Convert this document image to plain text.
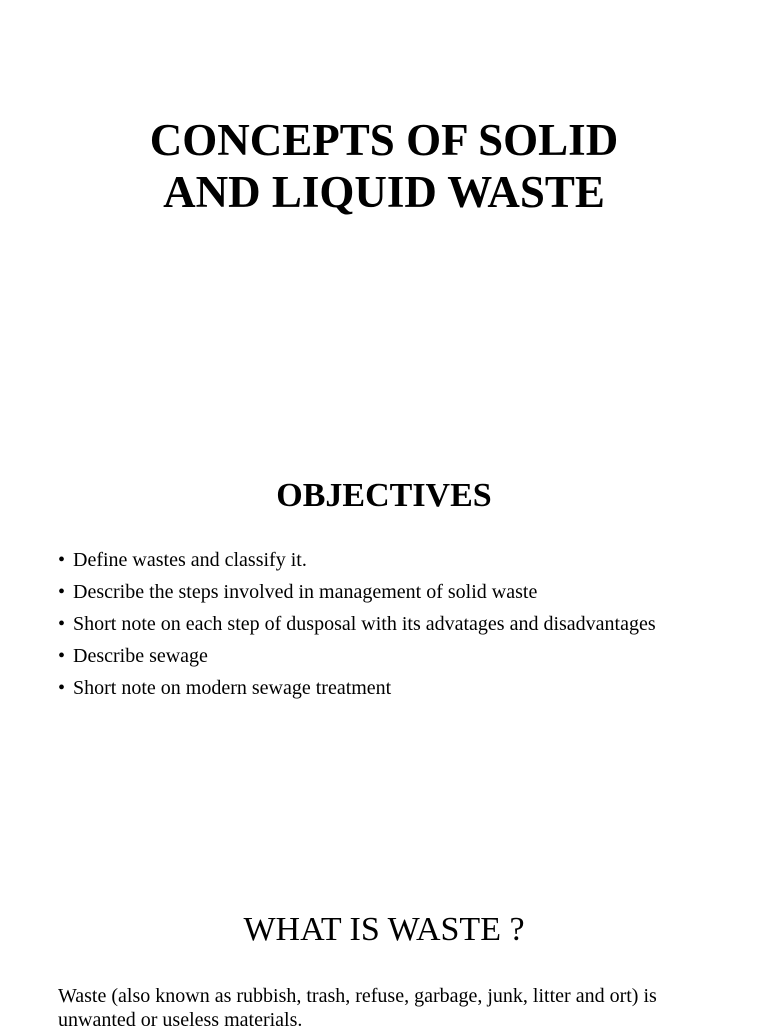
CONCEPTS OF SOLID
AND LIQUID WASTE
OBJECTIVES
• Define wastes and classify it.
• Describe the steps involved in management of solid waste
• Short note on each step of dusposal with its advatages and disadvantages
• Describe sewage
• Short note on modern sewage treatment
WHAT IS WASTE ?

Waste (also known as rubbish, trash, refuse, garbage, junk, litter and ort) is unwanted or useless materials.
